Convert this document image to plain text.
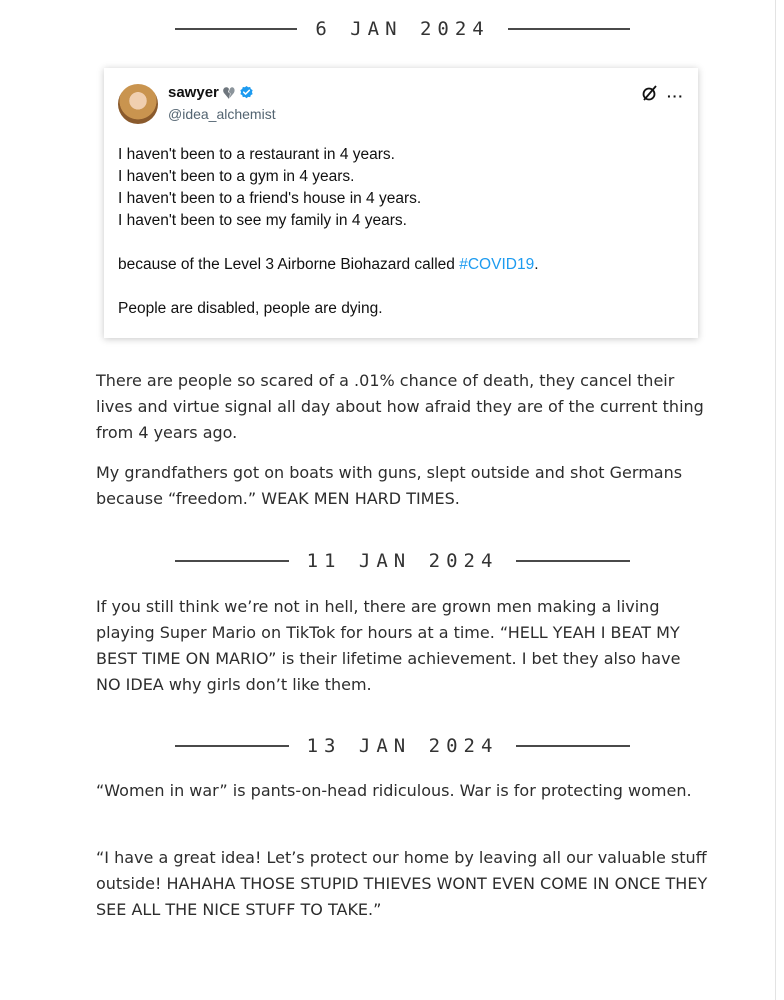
6 JAN 2024
sawyer
@idea_alchemist
···
I haven't been to a restaurant in 4 years.
I haven't been to a gym in 4 years.
I haven't been to a friend's house in 4 years.
I haven't been to see my family in 4 years.
because of the Level 3 Airborne Biohazard called #COVID19.
People are disabled, people are dying.
There are people so scared of a .01% chance of death, they cancel their lives and virtue signal all day about how afraid they are of the current thing from 4 years ago.
My grandfathers got on boats with guns, slept outside and shot Germans because “freedom.” WEAK MEN HARD TIMES.
11 JAN 2024
If you still think we’re not in hell, there are grown men making a living playing Super Mario on TikTok for hours at a time. “HELL YEAH I BEAT MY BEST TIME ON MARIO” is their lifetime achievement. I bet they also have NO IDEA why girls don’t like them.
13 JAN 2024
“Women in war” is pants-on-head ridiculous. War is for protecting women.
“I have a great idea! Let’s protect our home by leaving all our valuable stuff outside! HAHAHA THOSE STUPID THIEVES WONT EVEN COME IN ONCE THEY SEE ALL THE NICE STUFF TO TAKE.”
